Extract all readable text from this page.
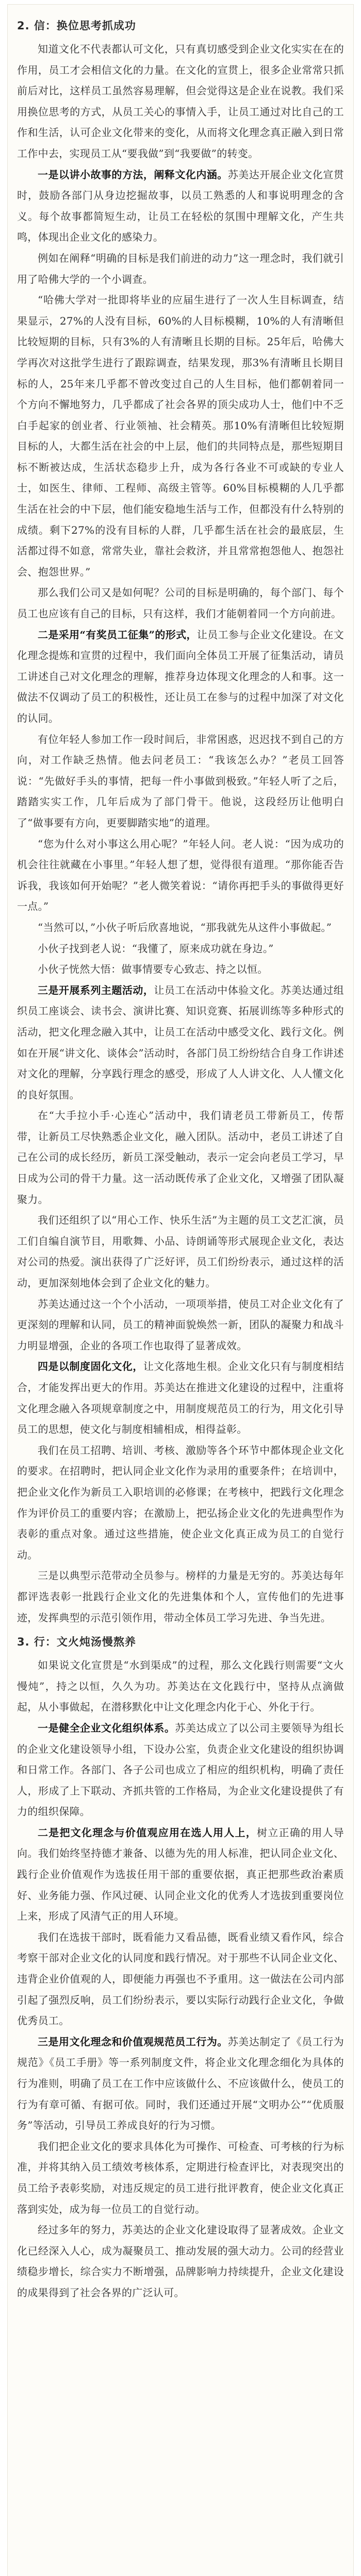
2. 信：换位思考抓成功

知道文化不代表都认可文化，只有真切感受到企业文化实实在在的作用，员工才会相信文化的力量。在文化的宣贯上，很多企业常常只抓前后对比，这样员工虽然容易理解，但会觉得这是企业在说教。我们采用换位思考的方式，从员工关心的事情入手，让员工通过对比自己的工作和生活，认可企业文化带来的变化，从而将文化理念真正融入到日常工作中去，实现员工从“要我做”到“我要做”的转变。

一是以讲小故事的方法，阐释文化内涵。苏美达开展企业文化宣贯时，鼓励各部门从身边挖掘故事，以员工熟悉的人和事说明理念的含义。每个故事都简短生动，让员工在轻松的氛围中理解文化，产生共鸣，体现出企业文化的感染力。

例如在阐释“明确的目标是我们前进的动力”这一理念时，我们就引用了哈佛大学的一个小调查。

“哈佛大学对一批即将毕业的应届生进行了一次人生目标调查，结果显示，27%的人没有目标，60%的人目标模糊，10%的人有清晰但比较短期的目标，只有3%的人有清晰且长期的目标。25年后，哈佛大学再次对这批学生进行了跟踪调查，结果发现，那3%有清晰且长期目标的人，25年来几乎都不曾改变过自己的人生目标，他们都朝着同一个方向不懈地努力，几乎都成了社会各界的顶尖成功人士，他们中不乏白手起家的创业者、行业领袖、社会精英。那10%有清晰但比较短期目标的人，大都生活在社会的中上层，他们的共同特点是，那些短期目标不断被达成，生活状态稳步上升，成为各行各业不可或缺的专业人士，如医生、律师、工程师、高级主管等。60%目标模糊的人几乎都生活在社会的中下层，他们能安稳地生活与工作，但都没有什么特别的成绩。剩下27%的没有目标的人群，几乎都生活在社会的最底层，生活都过得不如意，常常失业，靠社会救济，并且常常抱怨他人、抱怨社会、抱怨世界。”

那么我们公司又是如何呢？公司的目标是明确的，每个部门、每个员工也应该有自己的目标，只有这样，我们才能朝着同一个方向前进。

二是采用“有奖员工征集”的形式，让员工参与企业文化建设。在文化理念提炼和宣贯的过程中，我们面向全体员工开展了征集活动，请员工讲述自己对文化理念的理解，推荐身边体现文化理念的人和事。这一做法不仅调动了员工的积极性，还让员工在参与的过程中加深了对文化的认同。

有位年轻人参加工作一段时间后，非常困惑，迟迟找不到自己的方向，对工作缺乏热情。他去问老员工：“我该怎么办？”老员工回答说：“先做好手头的事情，把每一件小事做到极致。”年轻人听了之后，踏踏实实工作，几年后成为了部门骨干。他说，这段经历让他明白了“做事要有方向，更要脚踏实地”的道理。

“您为什么对小事这么用心呢？”年轻人问。老人说：“因为成功的机会往往就藏在小事里。”年轻人想了想，觉得很有道理。“那你能否告诉我，我该如何开始呢？”老人微笑着说：“请你再把手头的事做得更好一点。”

“当然可以，”小伙子听后欣喜地说，“那我就先从这件小事做起。”

小伙子找到老人说：“我懂了，原来成功就在身边。”

小伙子恍然大悟：做事情要专心致志、持之以恒。

三是开展系列主题活动，让员工在活动中体验文化。苏美达通过组织员工座谈会、读书会、演讲比赛、知识竞赛、拓展训练等多种形式的活动，把文化理念融入其中，让员工在活动中感受文化、践行文化。例如在开展“讲文化、谈体会”活动时，各部门员工纷纷结合自身工作讲述对文化的理解，分享践行理念的感受，形成了人人讲文化、人人懂文化的良好氛围。

在“大手拉小手·心连心”活动中，我们请老员工带新员工，传帮带，让新员工尽快熟悉企业文化，融入团队。活动中，老员工讲述了自己在公司的成长经历，新员工深受触动，表示一定会向老员工学习，早日成为公司的骨干力量。这一活动既传承了企业文化，又增强了团队凝聚力。

我们还组织了以“用心工作、快乐生活”为主题的员工文艺汇演，员工们自编自演节目，用歌舞、小品、诗朗诵等形式展现企业文化，表达对公司的热爱。演出获得了广泛好评，员工们纷纷表示，通过这样的活动，更加深刻地体会到了企业文化的魅力。

苏美达通过这一个个小活动，一项项举措，使员工对企业文化有了更深刻的理解和认同，员工的精神面貌焕然一新，团队的凝聚力和战斗力明显增强，企业的各项工作也取得了显著成效。

四是以制度固化文化，让文化落地生根。企业文化只有与制度相结合，才能发挥出更大的作用。苏美达在推进文化建设的过程中，注重将文化理念融入各项规章制度之中，用制度规范员工的行为，用文化引导员工的思想，使文化与制度相辅相成，相得益彰。

我们在员工招聘、培训、考核、激励等各个环节中都体现企业文化的要求。在招聘时，把认同企业文化作为录用的重要条件；在培训中，把企业文化作为新员工入职培训的必修课；在考核中，把践行文化理念作为评价员工的重要内容；在激励上，把弘扬企业文化的先进典型作为表彰的重点对象。通过这些措施，使企业文化真正成为员工的自觉行动。

三是以典型示范带动全员参与。榜样的力量是无穷的。苏美达每年都评选表彰一批践行企业文化的先进集体和个人，宣传他们的先进事迹，发挥典型的示范引领作用，带动全体员工学习先进、争当先进。

3. 行：文火炖汤慢熬养

如果说文化宣贯是“水到渠成”的过程，那么文化践行则需要“文火慢炖”，持之以恒，久久为功。苏美达在文化践行中，坚持从点滴做起，从小事做起，在潜移默化中让文化理念内化于心、外化于行。

一是健全企业文化组织体系。苏美达成立了以公司主要领导为组长的企业文化建设领导小组，下设办公室，负责企业文化建设的组织协调和日常工作。各部门、各子公司也成立了相应的组织机构，明确了责任人，形成了上下联动、齐抓共管的工作格局，为企业文化建设提供了有力的组织保障。

二是把文化理念与价值观应用在选人用人上，树立正确的用人导向。我们始终坚持德才兼备、以德为先的用人标准，把认同企业文化、践行企业价值观作为选拔任用干部的重要依据，真正把那些政治素质好、业务能力强、作风过硬、认同企业文化的优秀人才选拔到重要岗位上来，形成了风清气正的用人环境。

我们在选拔干部时，既看能力又看品德，既看业绩又看作风，综合考察干部对企业文化的认同度和践行情况。对于那些不认同企业文化、违背企业价值观的人，即便能力再强也不予重用。这一做法在公司内部引起了强烈反响，员工们纷纷表示，要以实际行动践行企业文化，争做优秀员工。

三是用文化理念和价值观规范员工行为。苏美达制定了《员工行为规范》《员工手册》等一系列制度文件，将企业文化理念细化为具体的行为准则，明确了员工在工作中应该做什么、不应该做什么，使员工的行为有章可循、有据可依。同时，我们还通过开展“文明办公”“优质服务”等活动，引导员工养成良好的行为习惯。

我们把企业文化的要求具体化为可操作、可检查、可考核的行为标准，并将其纳入员工绩效考核体系，定期进行检查评比，对表现突出的员工给予表彰奖励，对违反规定的员工进行批评教育，使企业文化真正落到实处，成为每一位员工的自觉行动。

经过多年的努力，苏美达的企业文化建设取得了显著成效。企业文化已经深入人心，成为凝聚员工、推动发展的强大动力。公司的经营业绩稳步增长，综合实力不断增强，品牌影响力持续提升，企业文化建设的成果得到了社会各界的广泛认可。
